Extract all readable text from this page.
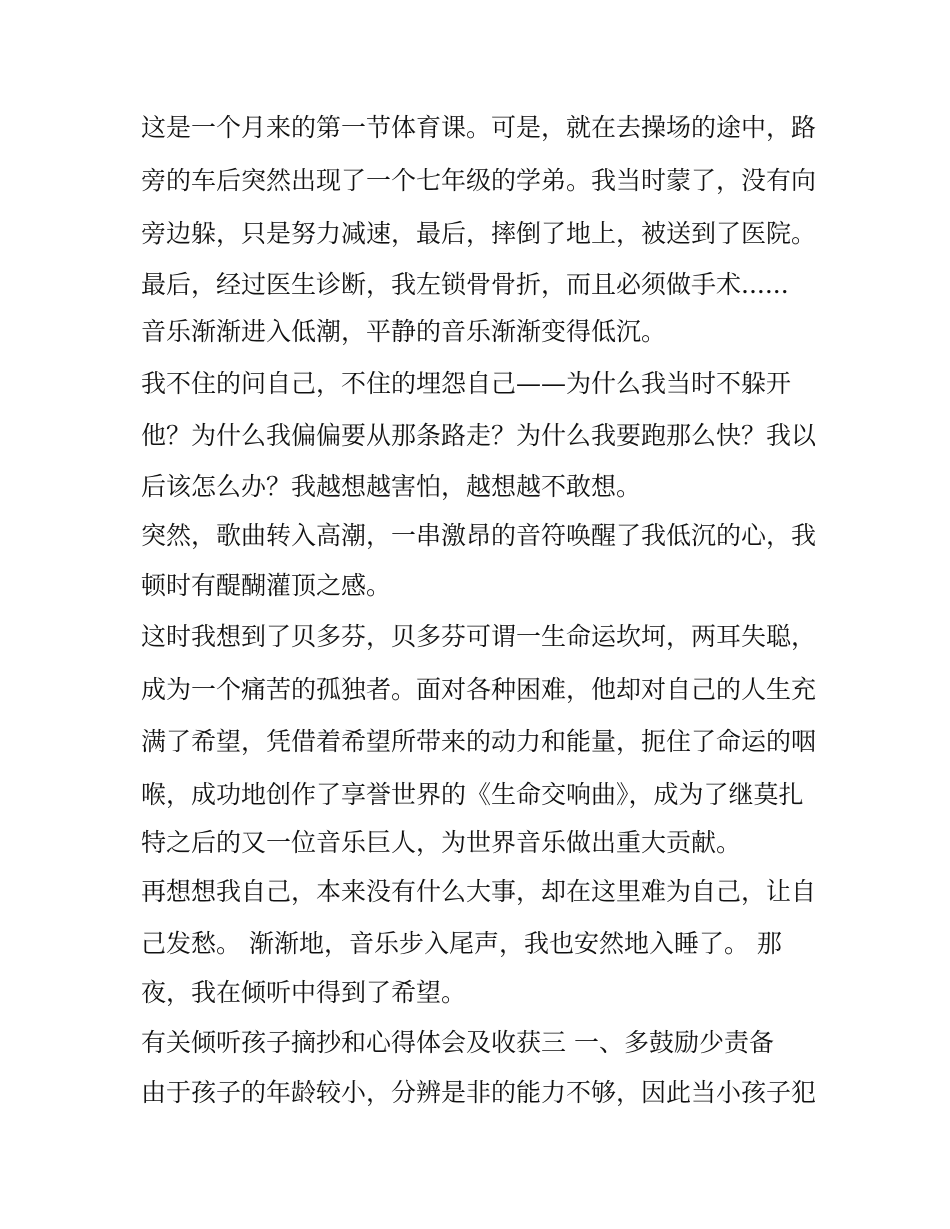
这是一个月来的第一节体育课。可是，就在去操场的途中，路
旁的车后突然出现了一个七年级的学弟。我当时蒙了，没有向
旁边躲，只是努力减速，最后，摔倒了地上，被送到了医院。
最后，经过医生诊断，我左锁骨骨折，而且必须做手术......
音乐渐渐进入低潮，平静的音乐渐渐变得低沉。
我不住的问自己，不住的埋怨自己——为什么我当时不躲开
他？为什么我偏偏要从那条路走？为什么我要跑那么快？我以
后该怎么办？我越想越害怕，越想越不敢想。
突然，歌曲转入高潮，一串激昂的音符唤醒了我低沉的心，我
顿时有醍醐灌顶之感。
这时我想到了贝多芬，贝多芬可谓一生命运坎坷，两耳失聪，
成为一个痛苦的孤独者。面对各种困难，他却对自己的人生充
满了希望，凭借着希望所带来的动力和能量，扼住了命运的咽
喉，成功地创作了享誉世界的《生命交响曲》，成为了继莫扎
特之后的又一位音乐巨人，为世界音乐做出重大贡献。
再想想我自己，本来没有什么大事，却在这里难为自己，让自
己发愁。 渐渐地，音乐步入尾声，我也安然地入睡了。 那
夜，我在倾听中得到了希望。
有关倾听孩子摘抄和心得体会及收获三 一、多鼓励少责备
由于孩子的年龄较小，分辨是非的能力不够，因此当小孩子犯
